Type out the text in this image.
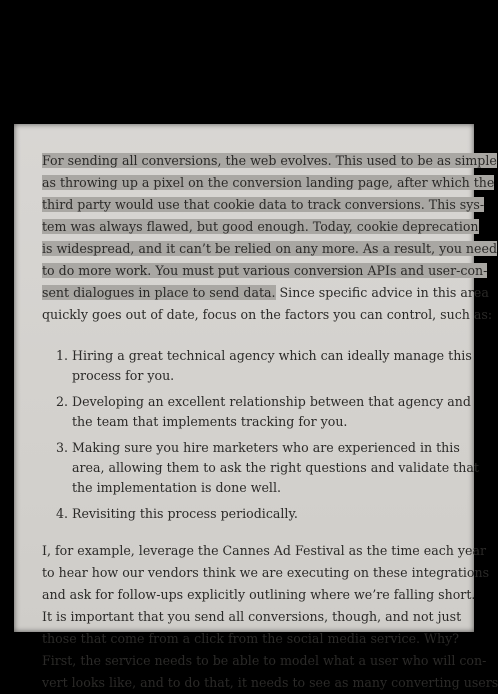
For sending all conversions, the web evolves. This used to be as simple
as throwing up a pixel on the conversion landing page, after which the
third party would use that cookie data to track conversions. This sys-
tem was always flawed, but good enough. Today, cookie deprecation
is widespread, and it can’t be relied on any more. As a result, you need
to do more work. You must put various conversion APIs and user-con-
sent dialogues in place to send data. Since specific advice in this area
quickly goes out of date, focus on the factors you can control, such as:

1. Hiring a great technical agency which can ideally manage this
process for you.
2. Developing an excellent relationship between that agency and
the team that implements tracking for you.
3. Making sure you hire marketers who are experienced in this
area, allowing them to ask the right questions and validate that
the implementation is done well.
4. Revisiting this process periodically.

I, for example, leverage the Cannes Ad Festival as the time each year
to hear how our vendors think we are executing on these integrations
and ask for follow-ups explicitly outlining where we’re falling short.
It is important that you send all conversions, though, and not just
those that come from a click from the social media service. Why?
First, the service needs to be able to model what a user who will con-
vert looks like, and to do that, it needs to see as many converting users
